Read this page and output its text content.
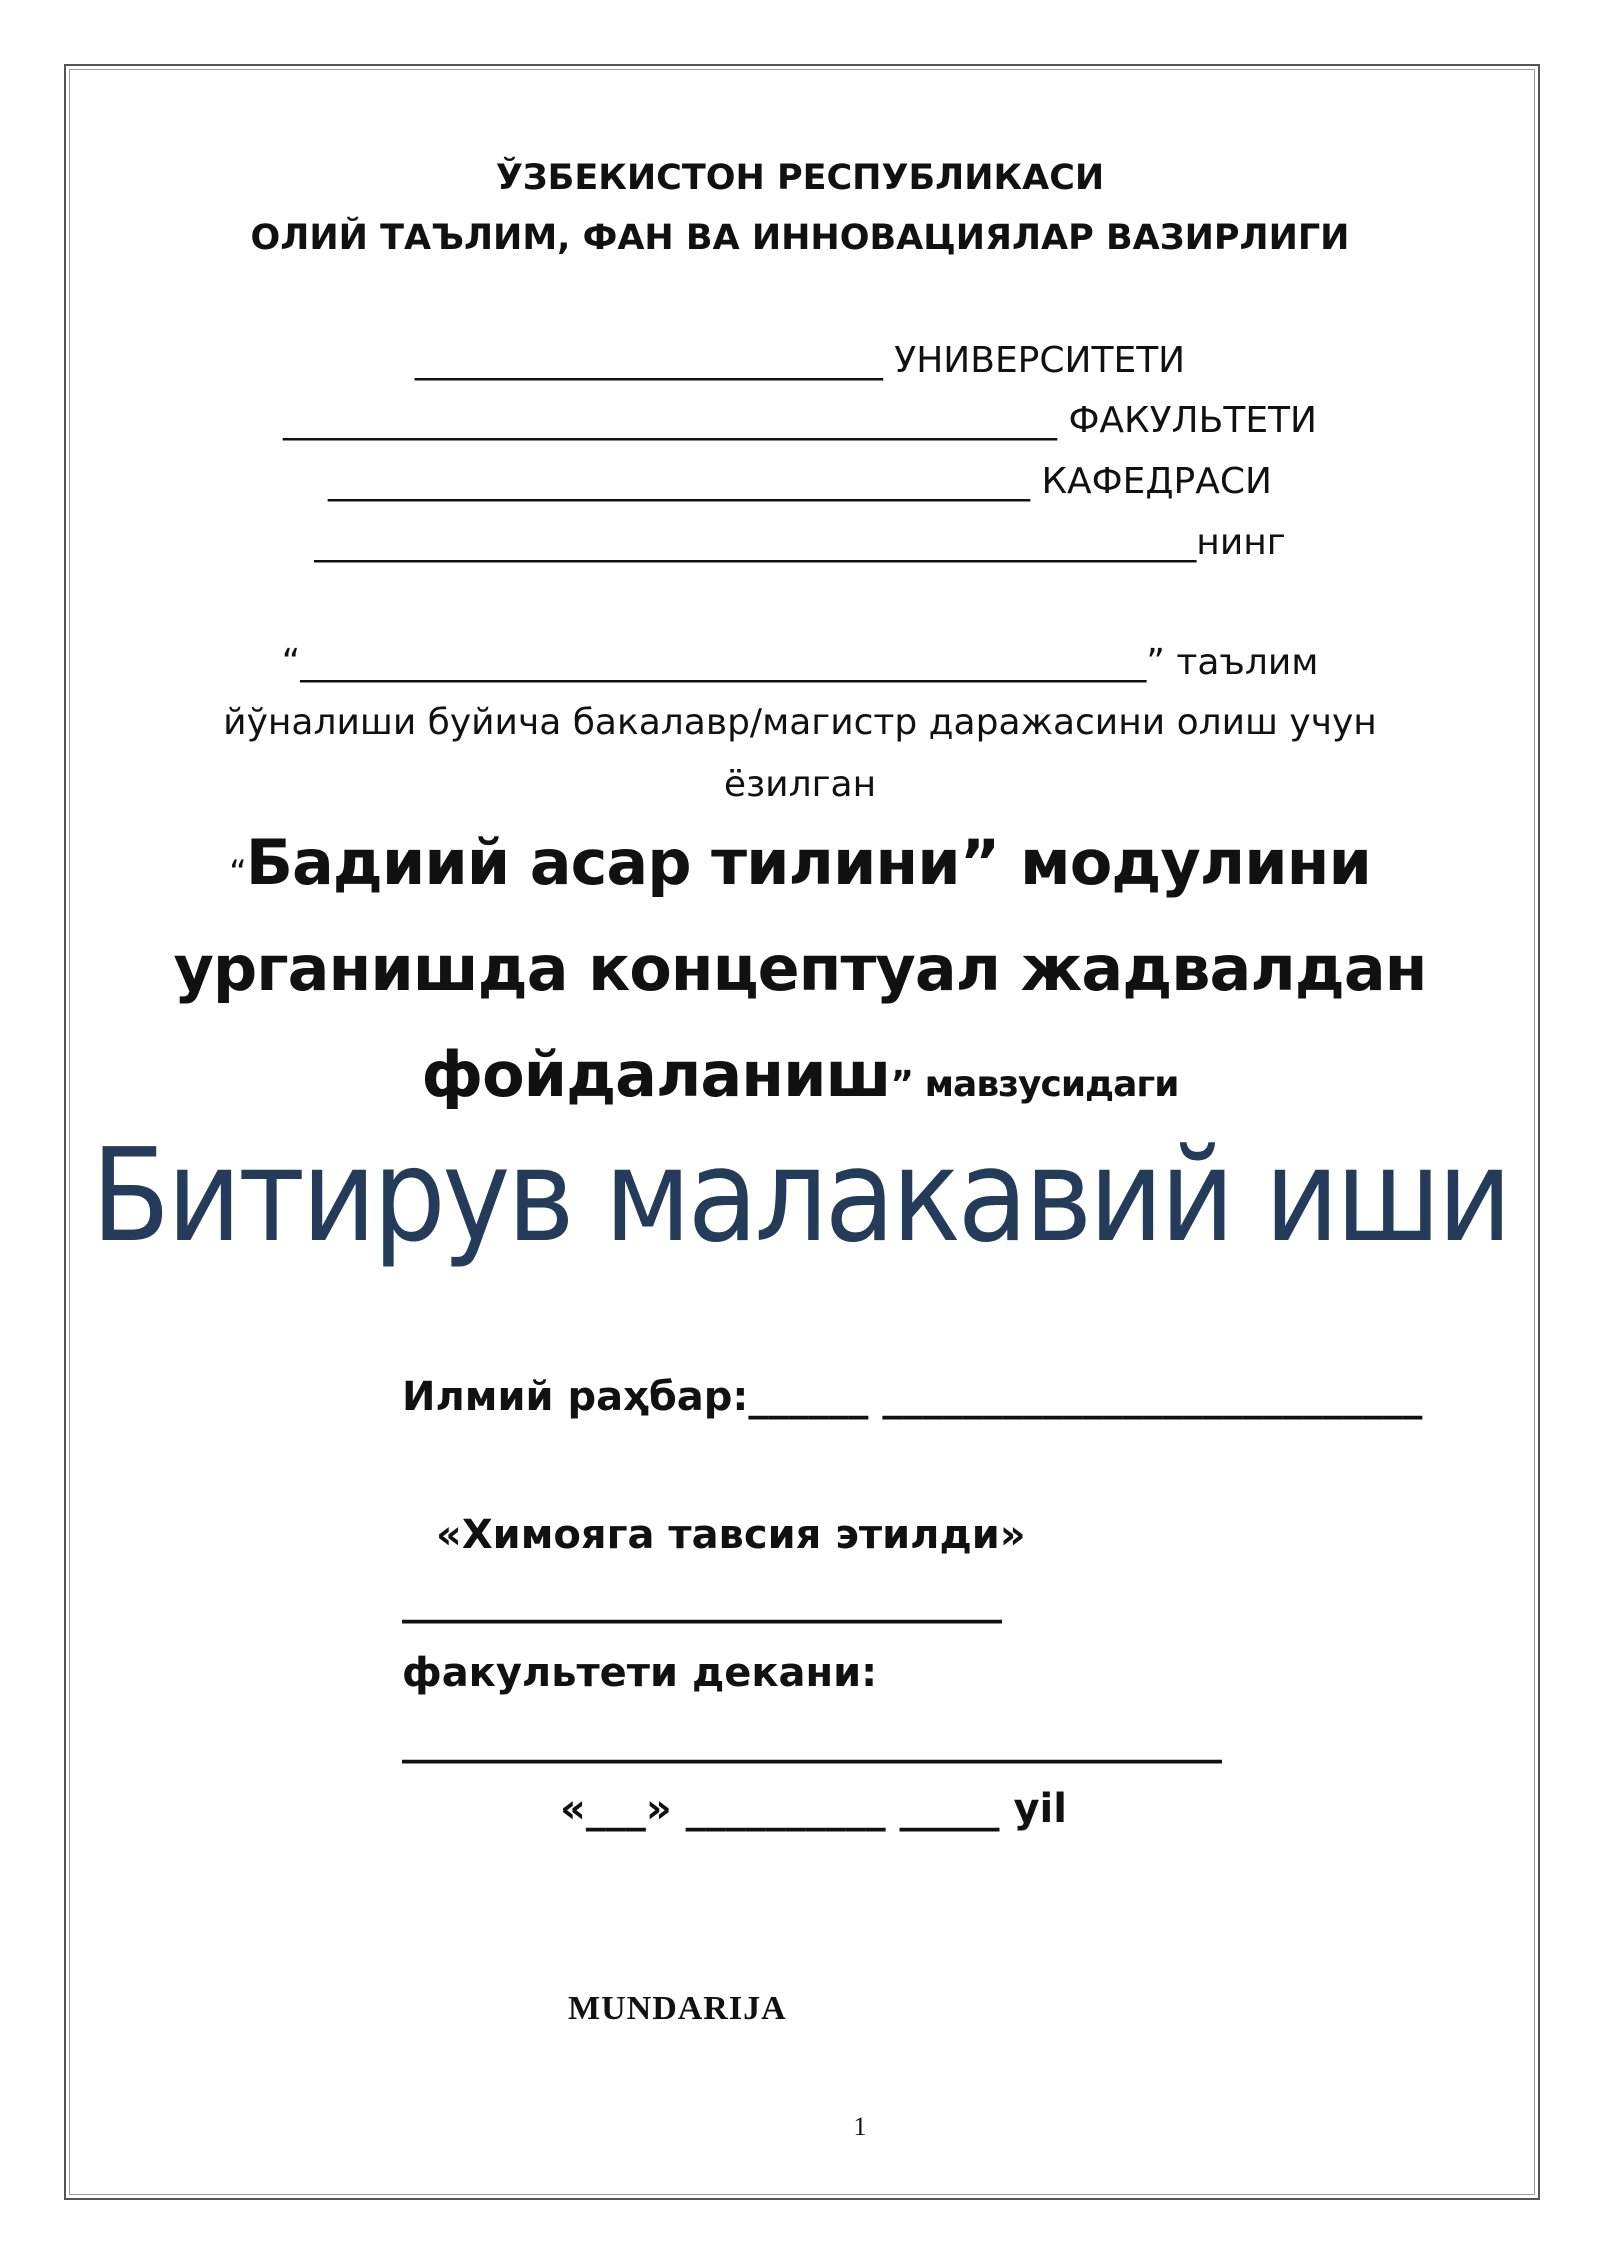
ЎЗБЕКИСТОН РЕСПУБЛИКАСИ

ОЛИЙ ТАЪЛИМ, ФАН ВА ИННОВАЦИЯЛАР ВАЗИРЛИГИ

__________________________ УНИВЕРСИТЕТИ

___________________________________________ ФАКУЛЬТЕТИ

_______________________________________ КАФЕДРАСИ

_________________________________________________нинг

“_______________________________________________” таълим

йўналиши буйича бакалавр/магистр даражасини олиш учун

ёзилган

“Бадиий асар тилини” модулини

урганишда концептуал жадвалдан

фойдаланиш” мавзусидаги

Битирув малакавий иши

Илмий раҳбар:______ ___________________________

«Химояга тавсия этилди»

______________________________

факультети декани:

_________________________________________

«___» __________ _____ yil

MUNDARIJA

1
